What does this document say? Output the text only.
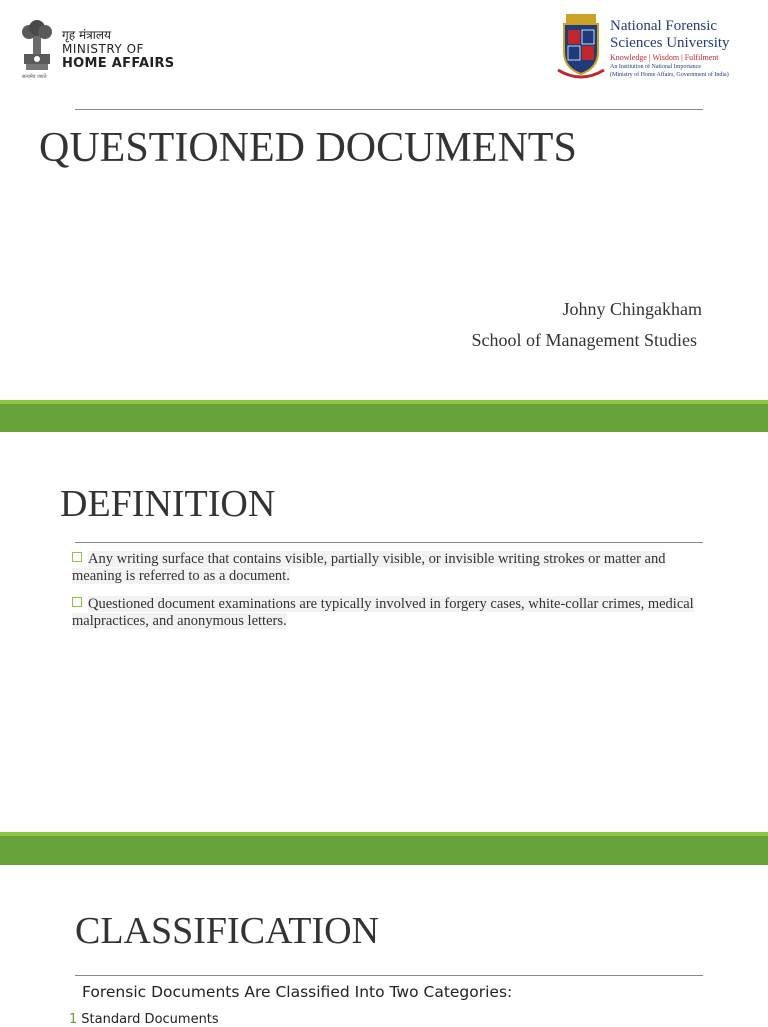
गृह मंत्रालय
MINISTRY OF
HOME AFFAIRS
सत्यमेव जयते
National Forensic
Sciences University
Knowledge | Wisdom | Fulfilment
An Institution of National Importance
(Ministry of Home Affairs, Government of India)
QUESTIONED DOCUMENTS
Johny Chingakham
School of Management Studies
DEFINITION
Any writing surface that contains visible, partially visible, or invisible writing strokes or matter and meaning is referred to as a document.
Questioned document examinations are typically involved in forgery cases, white-collar crimes, medical malpractices, and anonymous letters.
CLASSIFICATION
Forensic Documents Are Classified Into Two Categories:
1 Standard Documents
